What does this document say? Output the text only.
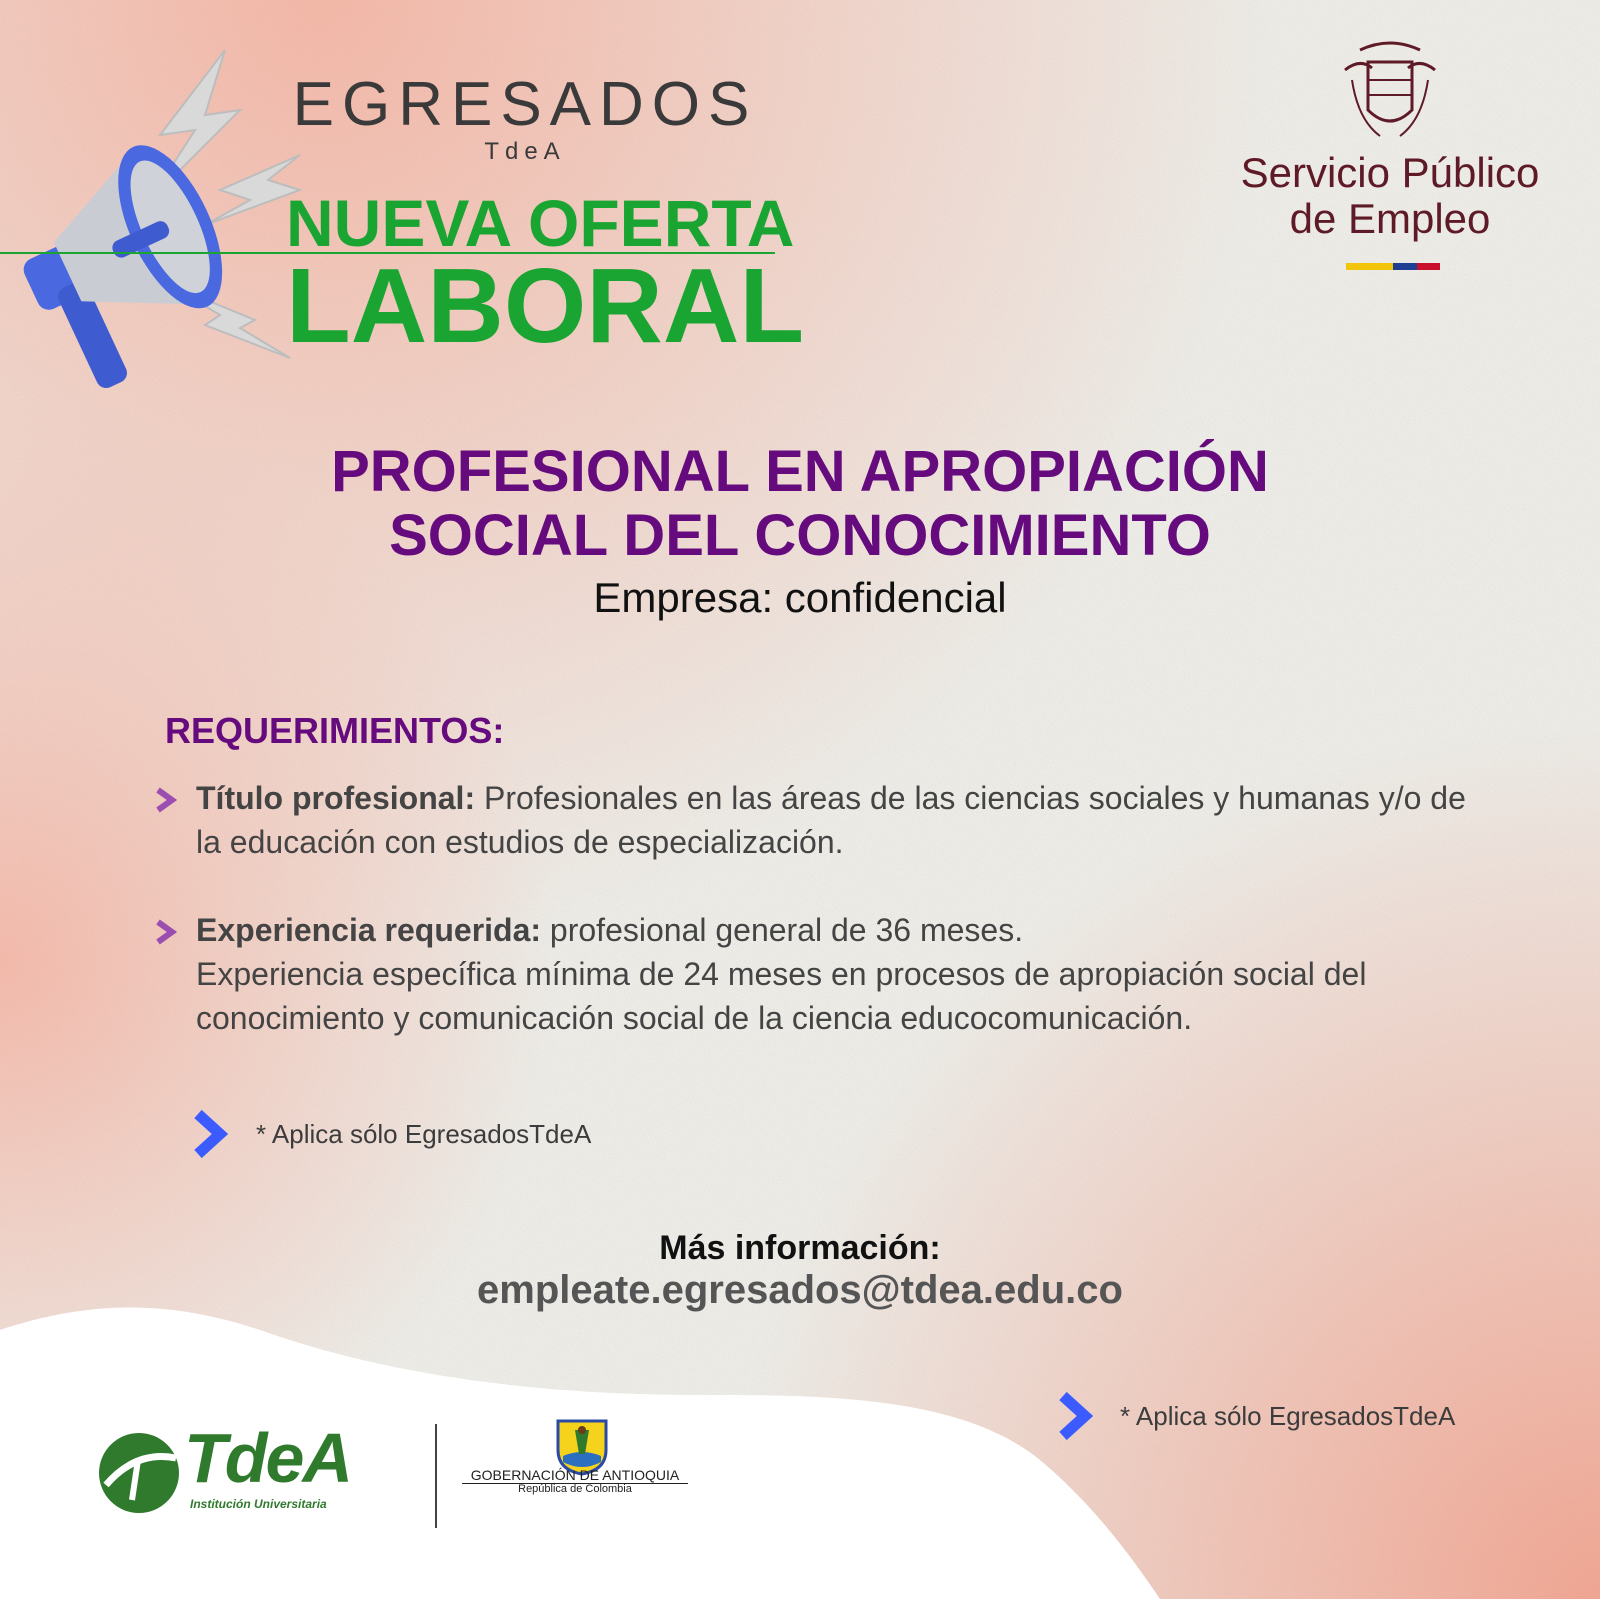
EGRESADOS
TdeA
NUEVA OFERTA
LABORAL
Servicio Público
de Empleo
PROFESIONAL EN APROPIACIÓN
SOCIAL DEL CONOCIMIENTO
Empresa: confidencial
REQUERIMIENTOS:
Título profesional: Profesionales en las áreas de las ciencias sociales y humanas y/o de la educación con estudios de especialización.
Experiencia requerida: profesional general de 36 meses.
Experiencia específica mínima de 24 meses en procesos de apropiación social del conocimiento y comunicación social de la ciencia educocomunicación.
* Aplica sólo EgresadosTdeA
Más información:
empleate.egresados@tdea.edu.co
* Aplica sólo EgresadosTdeA
TdeA
Institución Universitaria
GOBERNACIÓN DE ANTIOQUIA
República de Colombia
